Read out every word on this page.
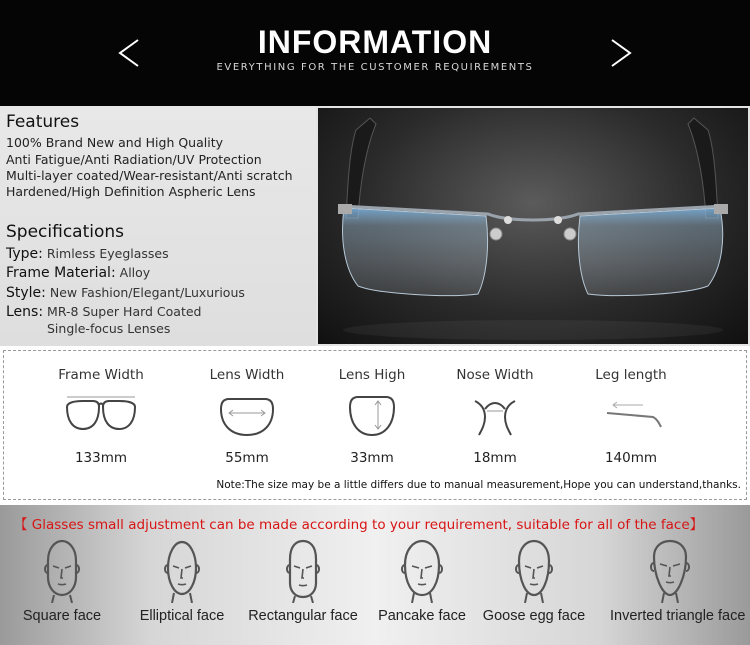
INFORMATION
EVERYTHING FOR THE CUSTOMER REQUIREMENTS
Features
100% Brand New and High Quality
Anti Fatigue/Anti Radiation/UV Protection
Multi-layer coated/Wear-resistant/Anti scratch
Hardened/High Definition Aspheric Lens
Specifications
Type: Rimless Eyeglasses
Frame Material: Alloy
Style: New Fashion/Elegant/Luxurious
Lens: MR-8 Super Hard Coated
Single-focus Lenses
Frame Width
133mm
Lens Width
55mm
Lens High
33mm
Nose Width
18mm
Leg length
140mm
Note:The size may be a little differs due to manual measurement,Hope you can understand,thanks.
【 Glasses small adjustment can be made according to your requirement, suitable for all of the face】
Square face	Elliptical face	Rectangular face	Pancake face	Goose egg face	Inverted triangle face
